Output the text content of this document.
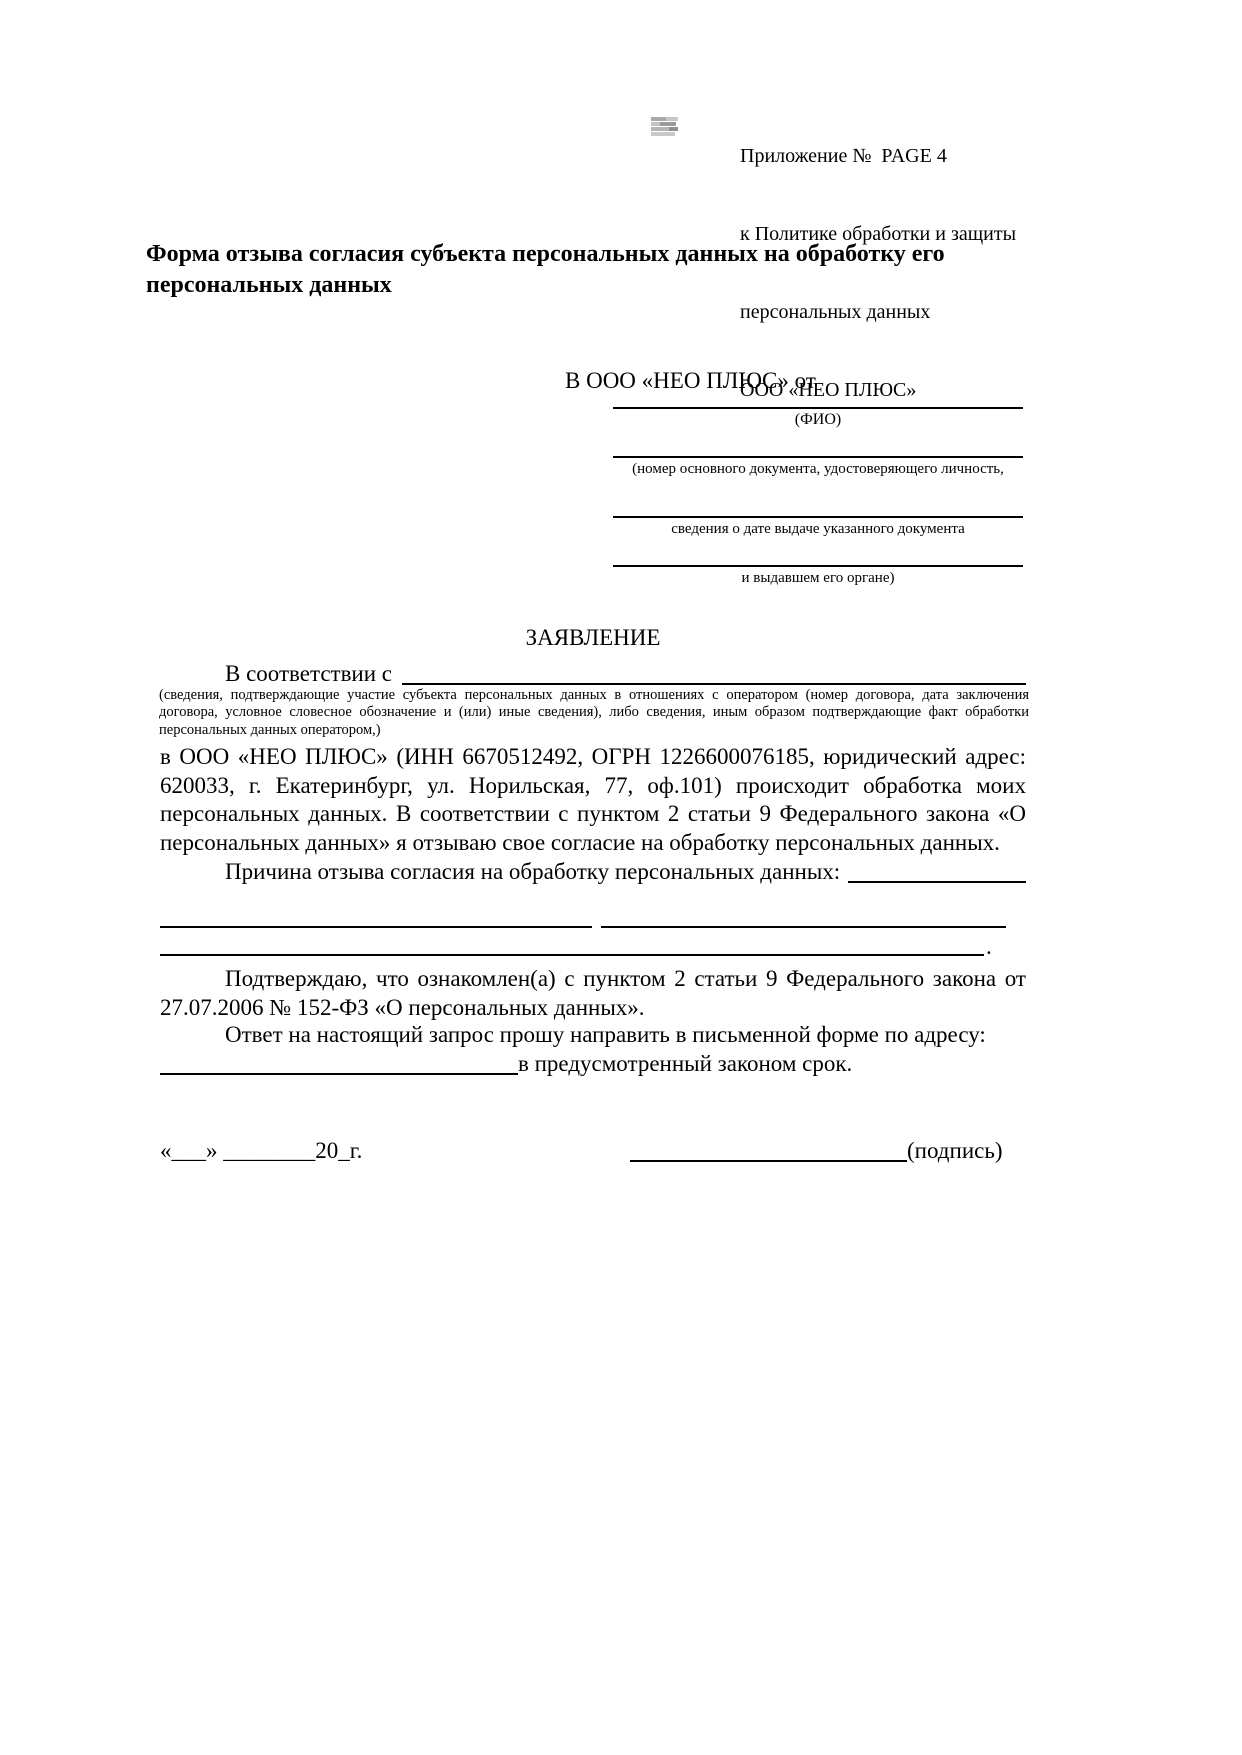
Приложение №  PAGE 4

к Политике обработки и защиты

персональных данных

ООО «НЕО ПЛЮС»

Форма отзыва согласия субъекта персональных данных на обработку его персональных данных
В ООО «НЕО ПЛЮС» от
(ФИО)
(номер основного документа, удостоверяющего личность,
сведения о дате выдаче указанного документа
и выдавшем его органе)
ЗАЯВЛЕНИЕ
В соответствии с
(сведения, подтверждающие участие субъекта персональных данных в отношениях с оператором (номер договора, дата заключения договора, условное словесное обозначение и (или) иные сведения), либо сведения, иным образом подтверждающие факт обработки персональных данных оператором,)
в ООО «НЕО ПЛЮС» (ИНН 6670512492, ОГРН 1226600076185, юридический адрес: 620033, г. Екатеринбург, ул. Норильская, 77, оф.101) происходит обработка моих персональных данных. В соответствии с пунктом 2 статьи 9 Федерального закона «О персональных данных» я отзываю свое согласие на обработку персональных данных.
Причина отзыва согласия на обработку персональных данных:
.
Подтверждаю, что ознакомлен(а) с пунктом 2 статьи 9 Федерального закона от 27.07.2006 № 152-ФЗ «О персональных данных».
Ответ на настоящий запрос прошу направить в письменной форме по адресу:
в предусмотренный законом срок.
«___» ________20_г.	(подпись)
